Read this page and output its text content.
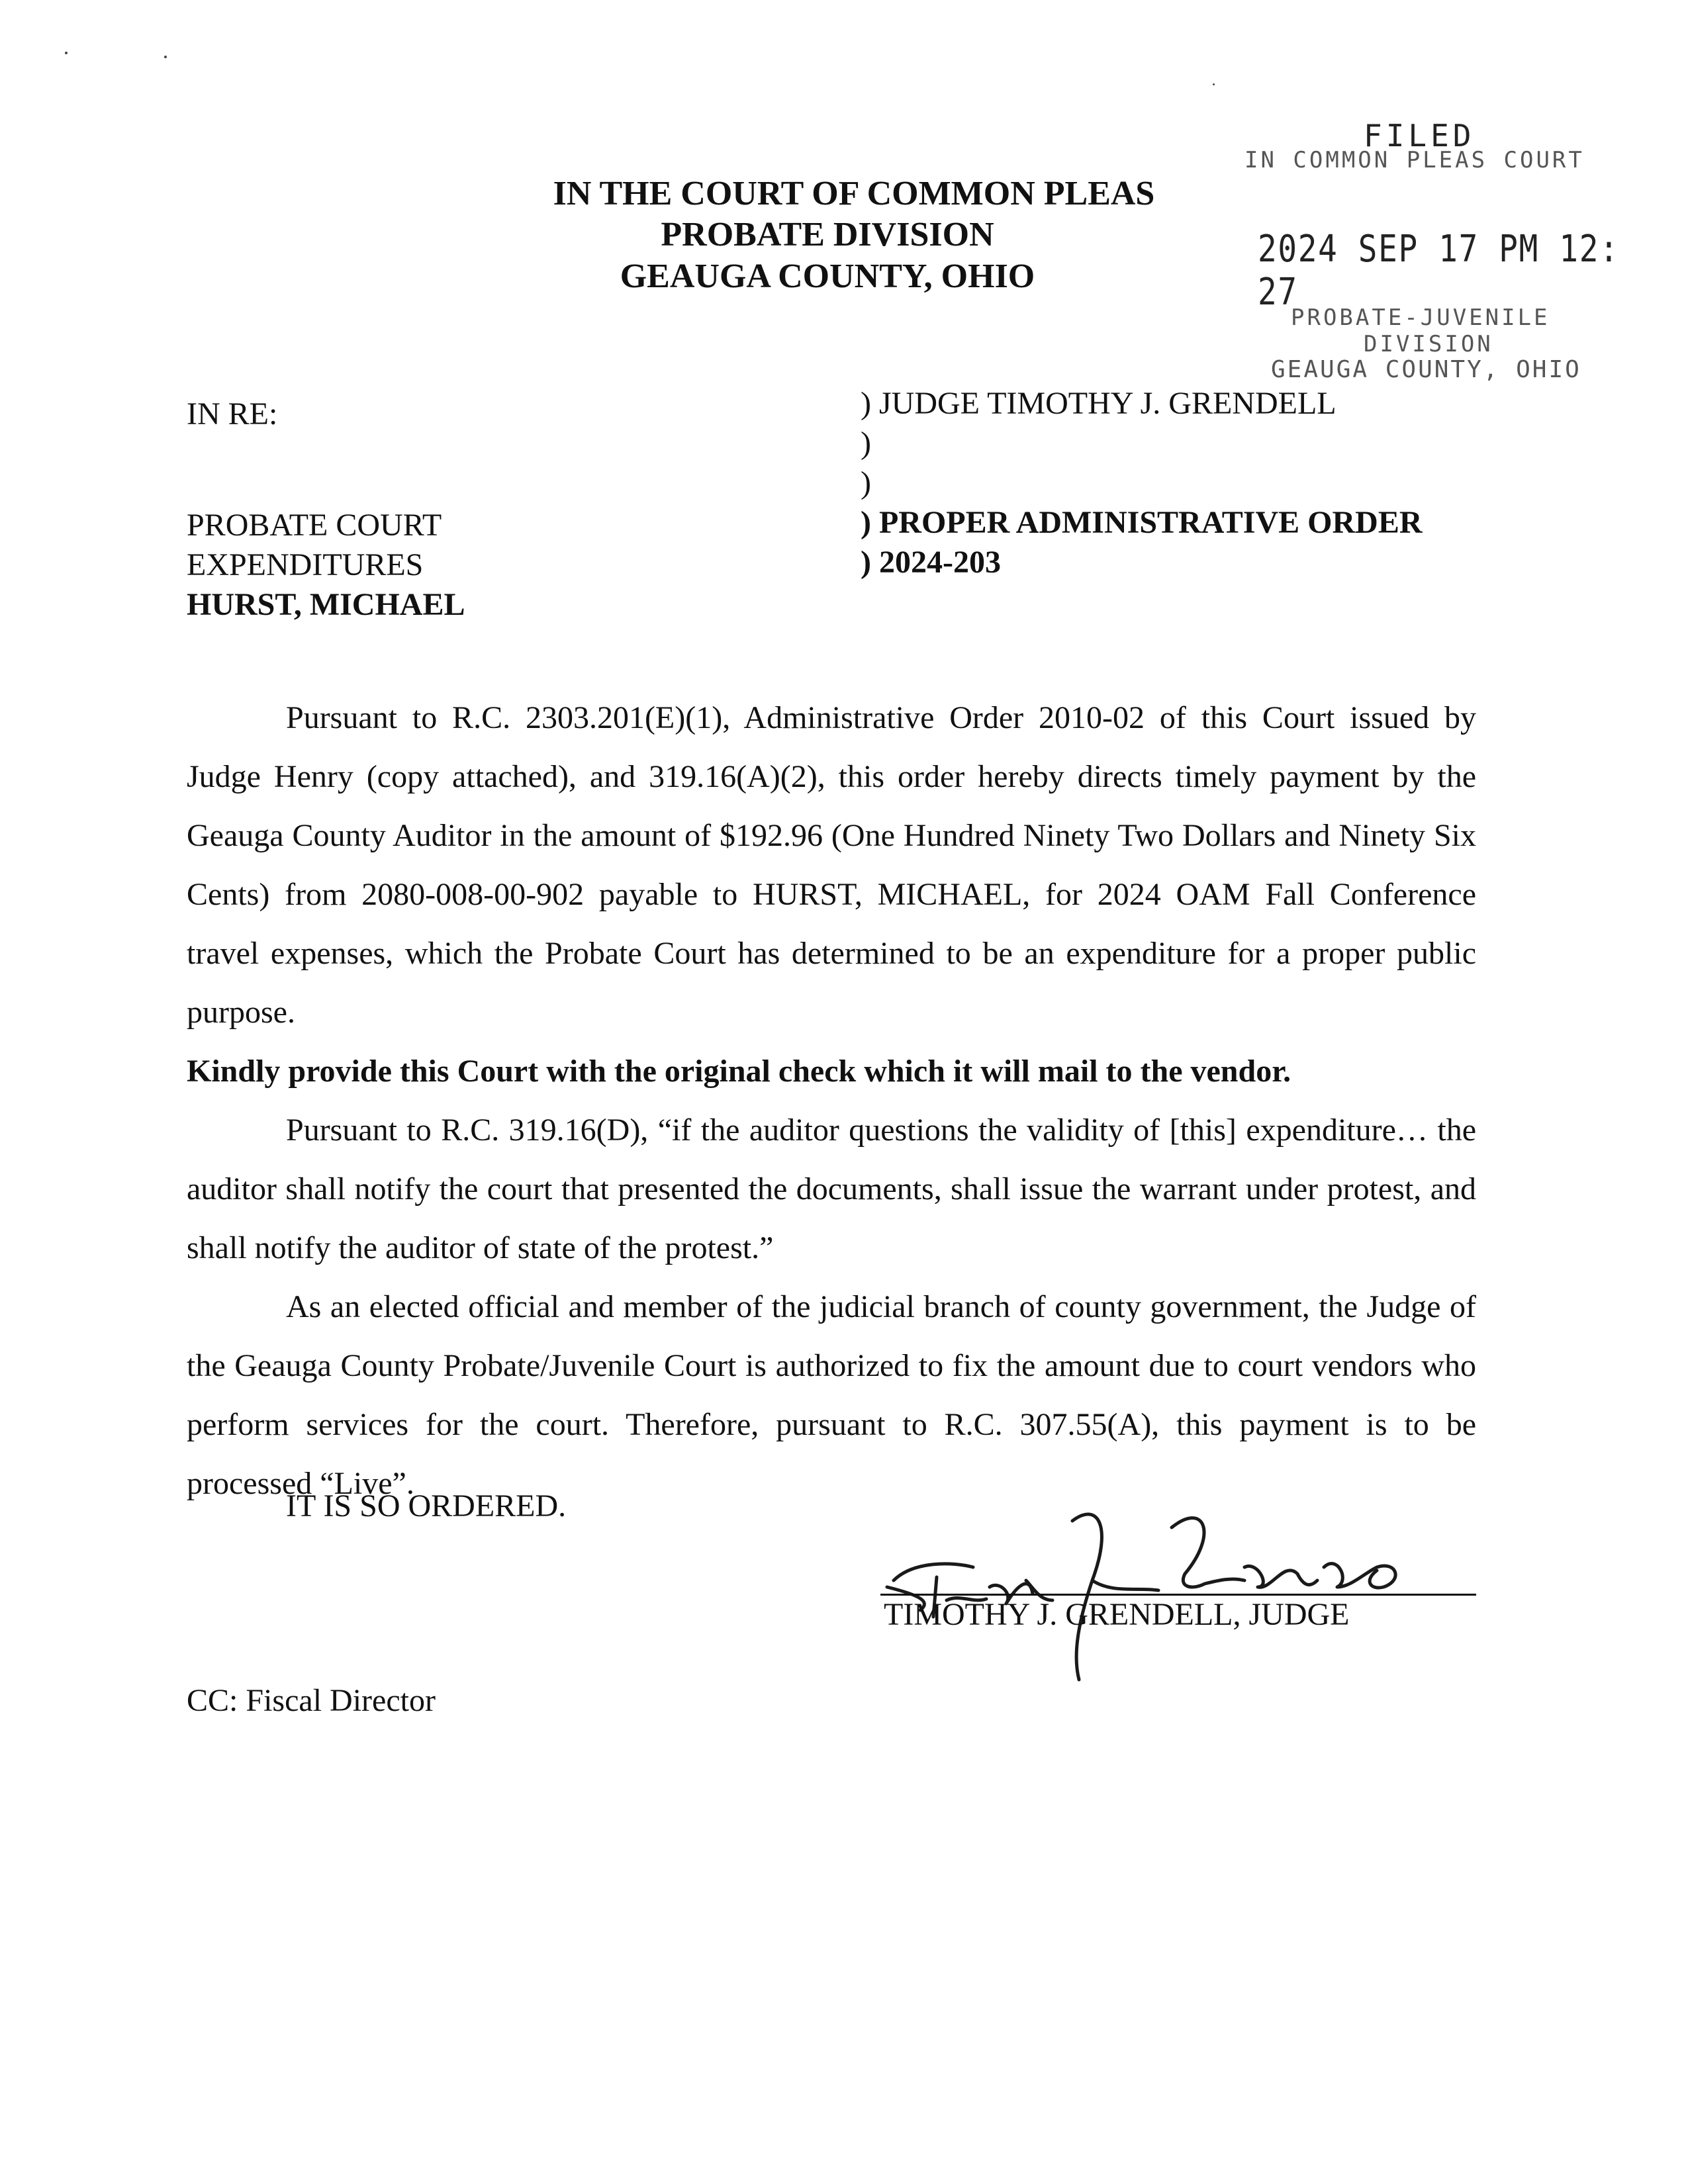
IN THE COURT OF COMMON PLEAS
PROBATE DIVISION
GEAUGA COUNTY, OHIO
FILED
IN COMMON PLEAS COURT
2024 SEP 17 PM 12: 27
PROBATE-JUVENILE
DIVISION
GEAUGA COUNTY, OHIO
IN RE:
PROBATE COURT
EXPENDITURES
HURST, MICHAEL
) JUDGE TIMOTHY J. GRENDELL
)
)
) PROPER ADMINISTRATIVE ORDER
) 2024-203

Pursuant to R.C. 2303.201(E)(1), Administrative Order 2010-02 of this Court issued by Judge Henry (copy attached), and 319.16(A)(2), this order hereby directs timely payment by the Geauga County Auditor in the amount of $192.96 (One Hundred Ninety Two Dollars and Ninety Six Cents) from 2080-008-00-902 payable to HURST, MICHAEL, for 2024 OAM Fall Conference travel expenses, which the Probate Court has determined to be an expenditure for a proper public purpose.

Kindly provide this Court with the original check which it will mail to the vendor.

Pursuant to R.C. 319.16(D), “if the auditor questions the validity of [this] expenditure… the auditor shall notify the court that presented the documents, shall issue the warrant under protest, and shall notify the auditor of state of the protest.”

As an elected official and member of the judicial branch of county government, the Judge of the Geauga County Probate/Juvenile Court is authorized to fix the amount due to court vendors who perform services for the court. Therefore, pursuant to R.C. 307.55(A), this payment is to be processed “Live”.

IT IS SO ORDERED.
TIMOTHY J. GRENDELL, JUDGE
CC: Fiscal Director
